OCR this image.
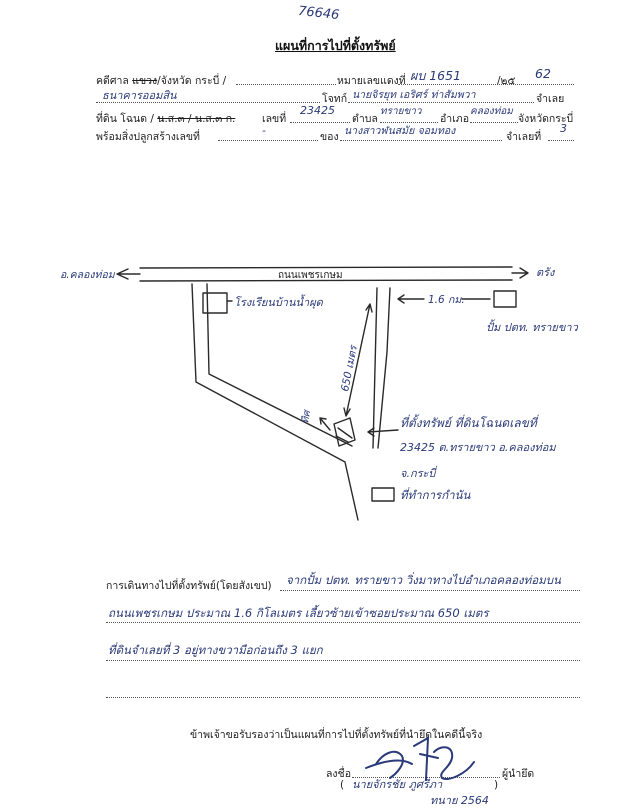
76646
แผนที่การไปที่ตั้งทรัพย์
คดีศาล แขวง/จังหวัด กระบี่ /	หมายเลขแดงที่ ผบ 1651	/๒๕ 62
ธนาคารออมสิน	โจทก์ นายจิรยุท เอริศร์ ท่าสัมพวา	จำเลย
ที่ดิน โฉนด / น.ส.๓ / น.ส.๓ ก.	เลขที่
23425
ตำบล
ทรายขาว
อำเภอ
คลองท่อม
จังหวัดกระบี่
พร้อมสิ่งปลูกสร้างเลขที่	-	ของ นางสาวฬนสมัย จอมทอง	จำเลยที่
3
ถนนเพชรเกษม
อ.คลองท่อม	ตรัง
โรงเรียนบ้านน้ำผุด	1.6 กม.
ปั้ม ปตท. ทรายขาว
650 เมตร
ทิศ	ที่ตั้งทรัพย์ ที่ดินโฉนดเลขที่
23425 ต.ทรายขาว อ.คลองท่อม
จ.กระบี่
ที่ทำการกำนัน
การเดินทางไปที่ตั้งทรัพย์(โดยสังเขป) จากปั้ม ปตท. ทรายขาว วิ่งมาทางไปอำเภอคลองท่อมบน
ถนนเพชรเกษม ประมาณ 1.6 กิโลเมตร เลี้ยวซ้ายเข้าซอยประมาณ 650 เมตร
ที่ดินจำเลยที่ 3 อยู่ทางขวามือก่อนถึง 3 แยก
ข้าพเจ้าขอรับรองว่าเป็นแผนที่การไปที่ตั้งทรัพย์ที่นำยึดในคดีนี้จริง
ลงชื่อ	ผู้นำยึด
( นายจักรชัย ภูศรีภา	)
ทนาย 2564
